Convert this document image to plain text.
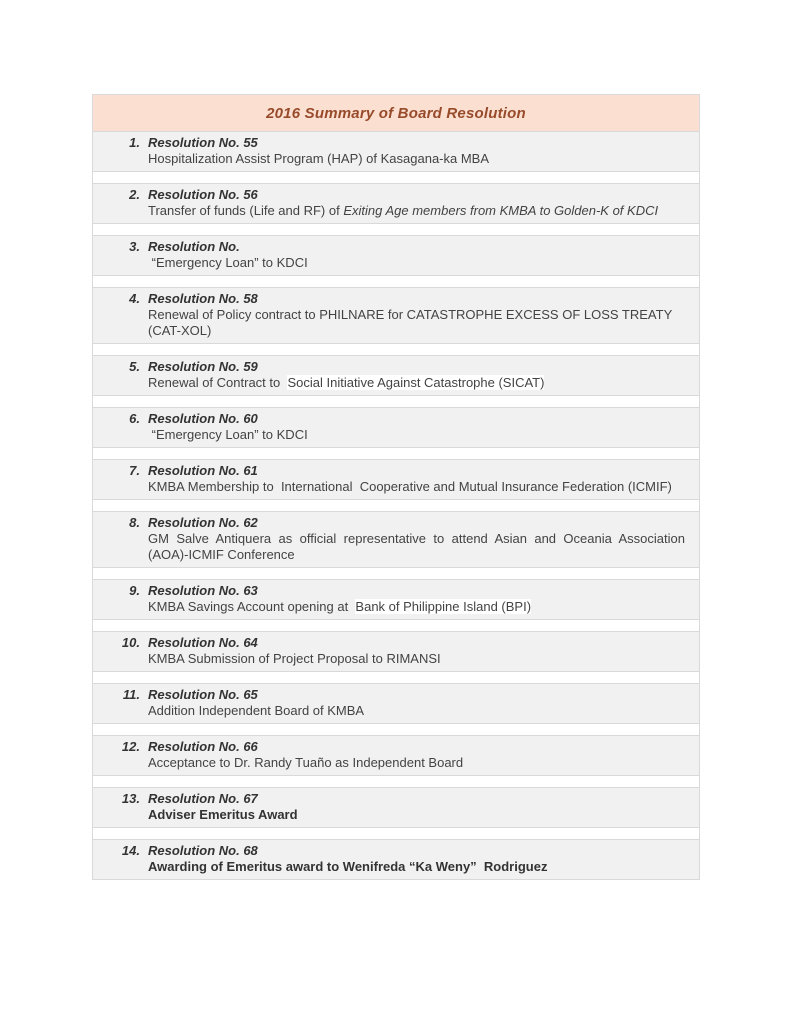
2016 Summary of Board Resolution
1. Resolution No. 55
Hospitalization Assist Program (HAP) of Kasagana-ka MBA
2. Resolution No. 56
Transfer of funds (Life and RF) of Exiting Age members from KMBA to Golden-K of KDCI
3. Resolution No.
“Emergency Loan” to KDCI
4. Resolution No. 58
Renewal of Policy contract to PHILNARE for CATASTROPHE EXCESS OF LOSS TREATY (CAT-XOL)
5. Resolution No. 59
Renewal of Contract to  Social Initiative Against Catastrophe (SICAT)
6. Resolution No. 60
“Emergency Loan” to KDCI
7. Resolution No. 61
KMBA Membership to  International  Cooperative and Mutual Insurance Federation (ICMIF)
8. Resolution No. 62
GM Salve Antiquera as official representative to attend Asian and Oceania Association (AOA)-ICMIF Conference
9. Resolution No. 63
KMBA Savings Account opening at  Bank of Philippine Island (BPI)
10. Resolution No. 64
KMBA Submission of Project Proposal to RIMANSI
11. Resolution No. 65
Addition Independent Board of KMBA
12. Resolution No. 66
Acceptance to Dr. Randy Tuaño as Independent Board
13. Resolution No. 67
Adviser Emeritus Award
14. Resolution No. 68
Awarding of Emeritus award to Wenifreda “Ka Weny”  Rodriguez
